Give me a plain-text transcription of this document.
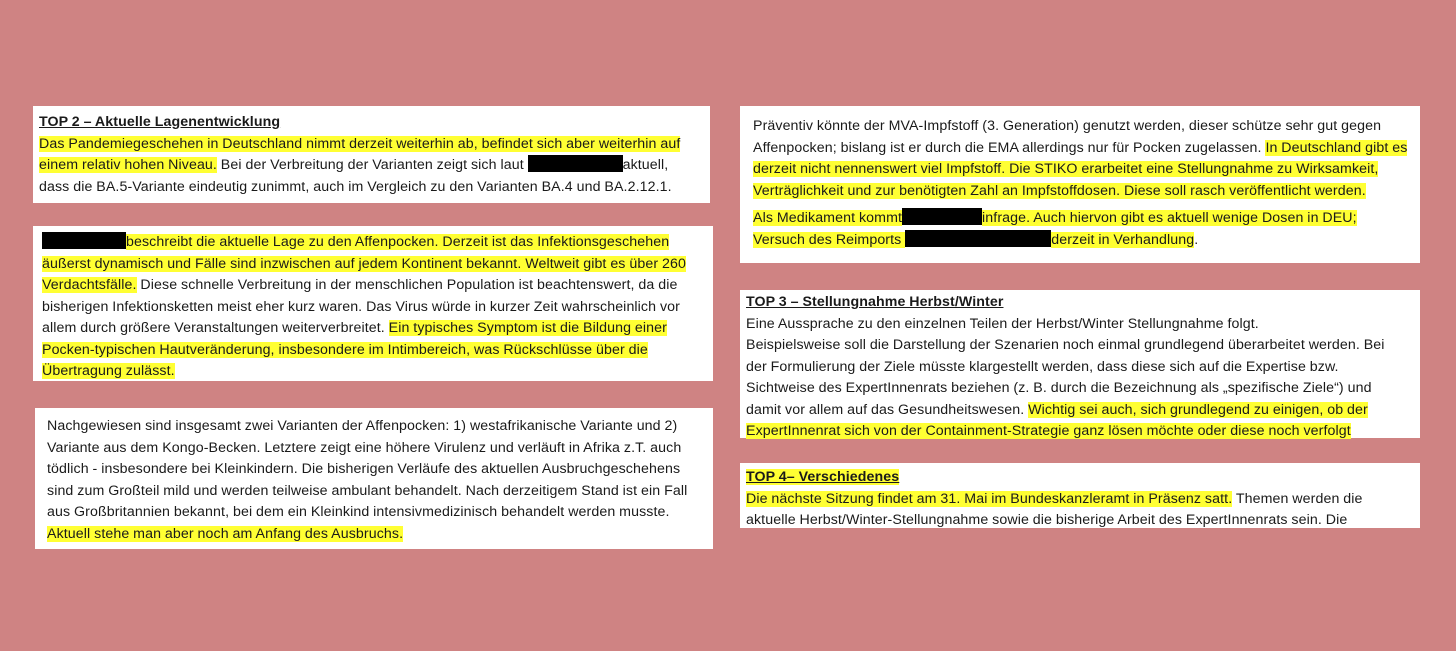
TOP 2 – Aktuelle Lagenentwicklung
Das Pandemiegeschehen in Deutschland nimmt derzeit weiterhin ab, befindet sich aber weiterhin auf
einem relativ hohen Niveau. Bei der Verbreitung der Varianten zeigt sich laut	aktuell,
dass die BA.5-Variante eindeutig zunimmt, auch im Vergleich zu den Varianten BA.4 und BA.2.12.1.
beschreibt die aktuelle Lage zu den Affenpocken. Derzeit ist das Infektionsgeschehen
äußerst dynamisch und Fälle sind inzwischen auf jedem Kontinent bekannt. Weltweit gibt es über 260
Verdachtsfälle. Diese schnelle Verbreitung in der menschlichen Population ist beachtenswert, da die
bisherigen Infektionsketten meist eher kurz waren. Das Virus würde in kurzer Zeit wahrscheinlich vor
allem durch größere Veranstaltungen weiterverbreitet. Ein typisches Symptom ist die Bildung einer
Pocken-typischen Hautveränderung, insbesondere im Intimbereich, was Rückschlüsse über die
Übertragung zulässt.
Nachgewiesen sind insgesamt zwei Varianten der Affenpocken: 1) westafrikanische Variante und 2)
Variante aus dem Kongo-Becken. Letztere zeigt eine höhere Virulenz und verläuft in Afrika z.T. auch
tödlich - insbesondere bei Kleinkindern. Die bisherigen Verläufe des aktuellen Ausbruchgeschehens
sind zum Großteil mild und werden teilweise ambulant behandelt. Nach derzeitigem Stand ist ein Fall
aus Großbritannien bekannt, bei dem ein Kleinkind intensivmedizinisch behandelt werden musste.
Aktuell stehe man aber noch am Anfang des Ausbruchs.
Präventiv könnte der MVA-Impfstoff (3. Generation) genutzt werden, dieser schütze sehr gut gegen
Affenpocken; bislang ist er durch die EMA allerdings nur für Pocken zugelassen. In Deutschland gibt es
derzeit nicht nennenswert viel Impfstoff. Die STIKO erarbeitet eine Stellungnahme zu Wirksamkeit,
Verträglichkeit und zur benötigten Zahl an Impfstoffdosen. Diese soll rasch veröffentlicht werden.
Als Medikament kommt	infrage. Auch hiervon gibt es aktuell wenige Dosen in DEU;
Versuch des Reimports	derzeit in Verhandlung.
TOP 3 – Stellungnahme Herbst/Winter
Eine Aussprache zu den einzelnen Teilen der Herbst/Winter Stellungnahme folgt.
Beispielsweise soll die Darstellung der Szenarien noch einmal grundlegend überarbeitet werden. Bei
der Formulierung der Ziele müsste klargestellt werden, dass diese sich auf die Expertise bzw.
Sichtweise des ExpertInnenrats beziehen (z. B. durch die Bezeichnung als „spezifische Ziele“) und
damit vor allem auf das Gesundheitswesen. Wichtig sei auch, sich grundlegend zu einigen, ob der
ExpertInnenrat sich von der Containment-Strategie ganz lösen möchte oder diese noch verfolgt
TOP 4– Verschiedenes
Die nächste Sitzung findet am 31. Mai im Bundeskanzleramt in Präsenz satt. Themen werden die
aktuelle Herbst/Winter-Stellungnahme sowie die bisherige Arbeit des ExpertInnenrats sein. Die
